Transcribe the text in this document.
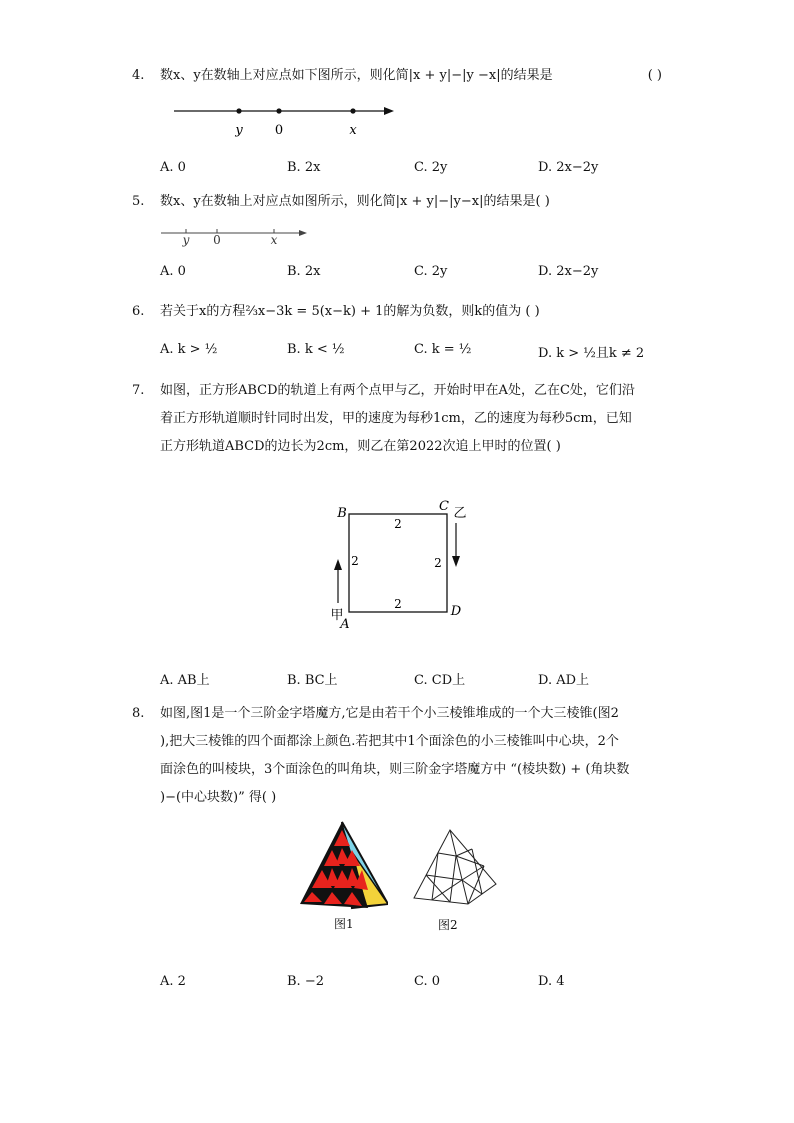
4.	数x、y在数轴上对应点如下图所示，则化简|x + y|−|y −x|的结果是	( )
y 0	x
A. 0	B. 2x	C. 2y	D. 2x−2y
5.	数x、y在数轴上对应点如图所示，则化简|x + y|−|y−x|的结果是( )
y 0	x
A. 0	B. 2x	C. 2y	D. 2x−2y
6.	若关于x的方程⅔x−3k = 5(x−k) + 1的解为负数，则k的值为 ( )
A. k > ½	B. k < ½	C. k = ½	D. k > ½且k ≠ 2
7.	如图，正方形ABCD的轨道上有两个点甲与乙，开始时甲在A处，乙在C处，它们沿
着正方形轨道顺时针同时出发，甲的速度为每秒1cm，乙的速度为每秒5cm，已知
正方形轨道ABCD的边长为2cm，则乙在第2022次追上甲时的位置( )
B	C
D
A
2
2
2
2
甲
乙
A. AB上	B. BC上	C. CD上	D. AD上
8.	如图,图1是一个三阶金字塔魔方,它是由若干个小三棱锥堆成的一个大三棱锥(图2
),把大三棱锥的四个面都涂上颜色.若把其中1个面涂色的小三棱锥叫中心块，2个
面涂色的叫棱块，3个面涂色的叫角块，则三阶金字塔魔方中 “(棱块数) + (角块数
)−(中心块数)” 得( )
图1	图2
A. 2	B. −2	C. 0	D. 4
